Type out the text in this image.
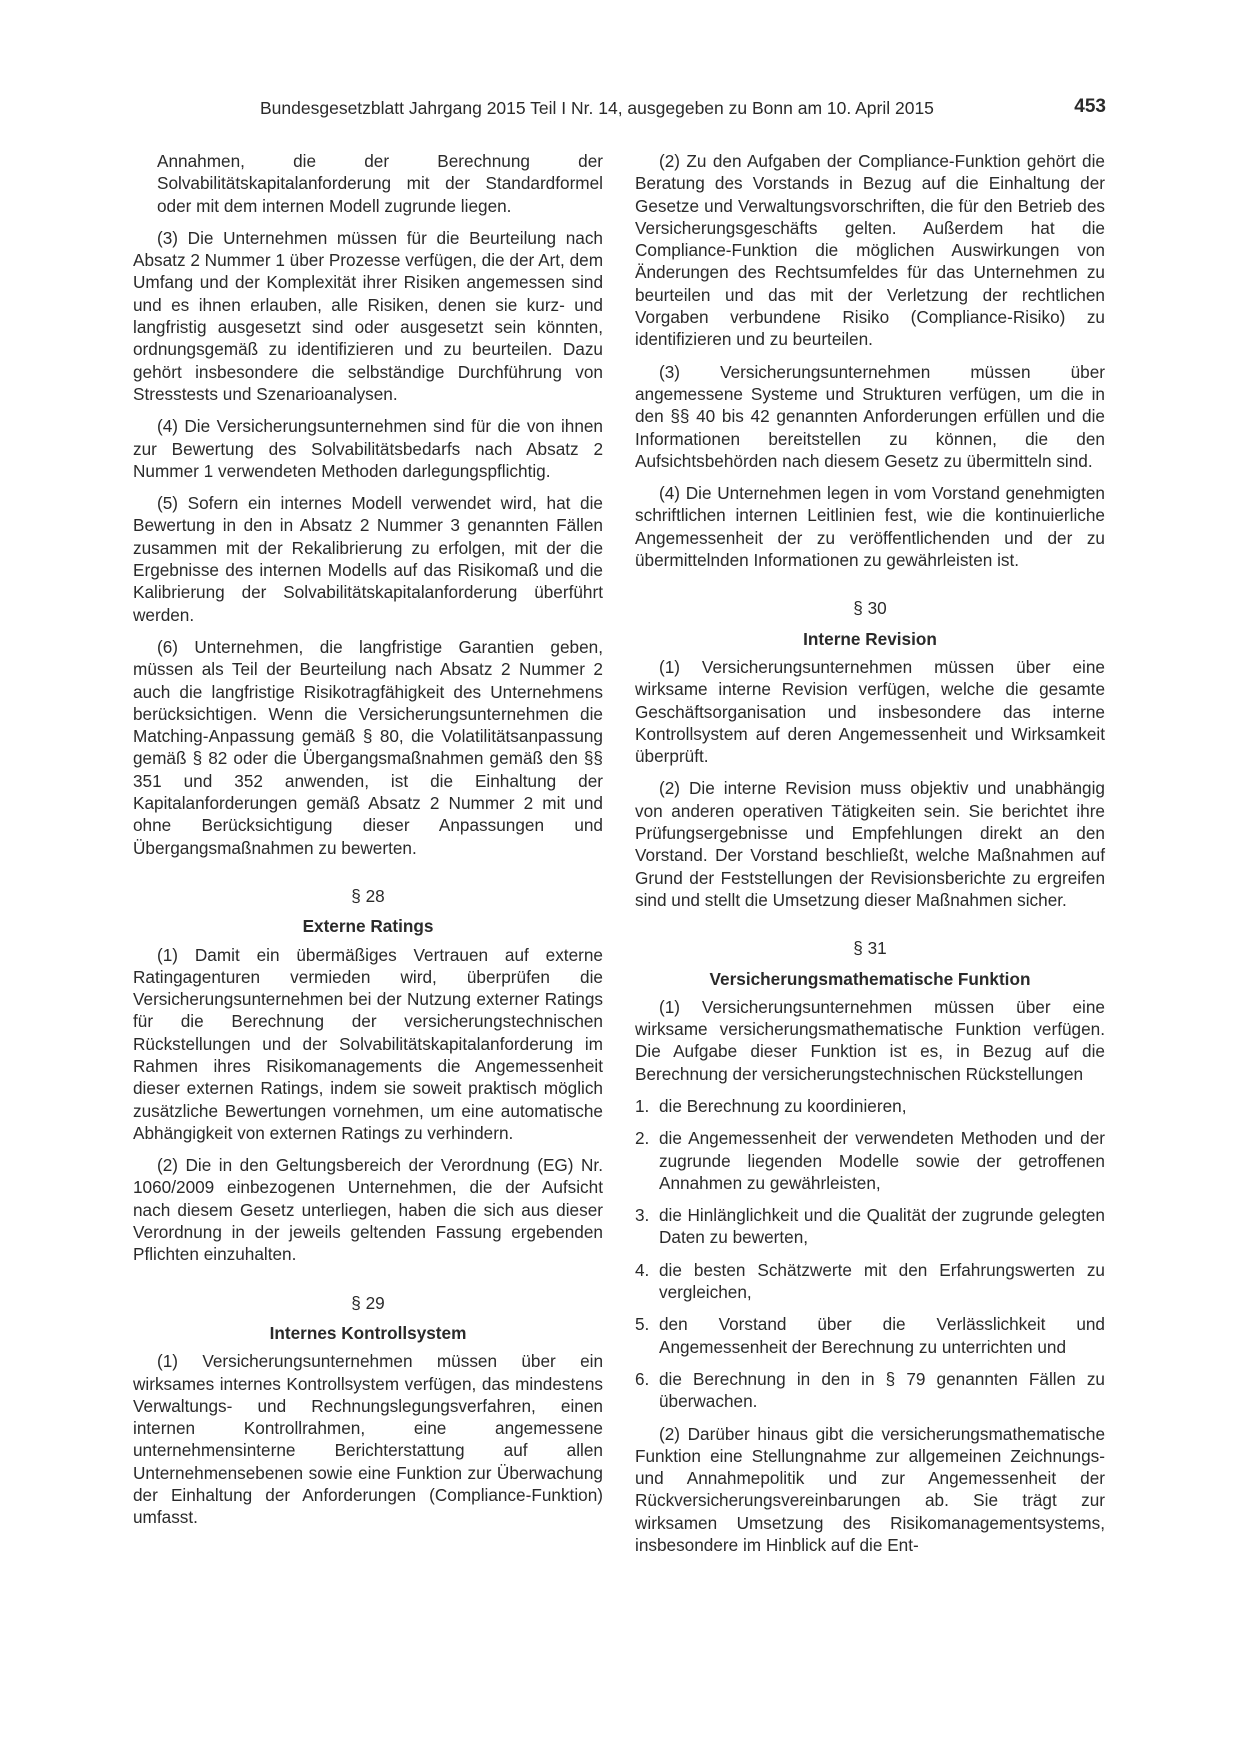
Bundesgesetzblatt Jahrgang 2015 Teil I Nr. 14, ausgegeben zu Bonn am 10. April 2015	453

Annahmen, die der Berechnung der Solvabilitätskapitalanforderung mit der Standardformel oder mit dem internen Modell zugrunde liegen.

(3) Die Unternehmen müssen für die Beurteilung nach Absatz 2 Nummer 1 über Prozesse verfügen, die der Art, dem Umfang und der Komplexität ihrer Risiken angemessen sind und es ihnen erlauben, alle Risiken, denen sie kurz- und langfristig ausgesetzt sind oder ausgesetzt sein könnten, ordnungsgemäß zu identifizieren und zu beurteilen. Dazu gehört insbesondere die selbständige Durchführung von Stresstests und Szenarioanalysen.

(4) Die Versicherungsunternehmen sind für die von ihnen zur Bewertung des Solvabilitätsbedarfs nach Absatz 2 Nummer 1 verwendeten Methoden darlegungspflichtig.

(5) Sofern ein internes Modell verwendet wird, hat die Bewertung in den in Absatz 2 Nummer 3 genannten Fällen zusammen mit der Rekalibrierung zu erfolgen, mit der die Ergebnisse des internen Modells auf das Risikomaß und die Kalibrierung der Solvabilitätskapitalanforderung überführt werden.

(6) Unternehmen, die langfristige Garantien geben, müssen als Teil der Beurteilung nach Absatz 2 Nummer 2 auch die langfristige Risikotragfähigkeit des Unternehmens berücksichtigen. Wenn die Versicherungsunternehmen die Matching-Anpassung gemäß § 80, die Volatilitätsanpassung gemäß § 82 oder die Übergangsmaßnahmen gemäß den §§ 351 und 352 anwenden, ist die Einhaltung der Kapitalanforderungen gemäß Absatz 2 Nummer 2 mit und ohne Berücksichtigung dieser Anpassungen und Übergangsmaßnahmen zu bewerten.

§ 28
Externe Ratings

(1) Damit ein übermäßiges Vertrauen auf externe Ratingagenturen vermieden wird, überprüfen die Versicherungsunternehmen bei der Nutzung externer Ratings für die Berechnung der versicherungstechnischen Rückstellungen und der Solvabilitätskapitalanforderung im Rahmen ihres Risikomanagements die Angemessenheit dieser externen Ratings, indem sie soweit praktisch möglich zusätzliche Bewertungen vornehmen, um eine automatische Abhängigkeit von externen Ratings zu verhindern.

(2) Die in den Geltungsbereich der Verordnung (EG) Nr. 1060/2009 einbezogenen Unternehmen, die der Aufsicht nach diesem Gesetz unterliegen, haben die sich aus dieser Verordnung in der jeweils geltenden Fassung ergebenden Pflichten einzuhalten.

§ 29
Internes Kontrollsystem

(1) Versicherungsunternehmen müssen über ein wirksames internes Kontrollsystem verfügen, das mindestens Verwaltungs- und Rechnungslegungsverfahren, einen internen Kontrollrahmen, eine angemessene unternehmensinterne Berichterstattung auf allen Unternehmensebenen sowie eine Funktion zur Überwachung der Einhaltung der Anforderungen (Compliance-Funktion) umfasst.

(2) Zu den Aufgaben der Compliance-Funktion gehört die Beratung des Vorstands in Bezug auf die Einhaltung der Gesetze und Verwaltungsvorschriften, die für den Betrieb des Versicherungsgeschäfts gelten. Außerdem hat die Compliance-Funktion die möglichen Auswirkungen von Änderungen des Rechtsumfeldes für das Unternehmen zu beurteilen und das mit der Verletzung der rechtlichen Vorgaben verbundene Risiko (Compliance-Risiko) zu identifizieren und zu beurteilen.

(3) Versicherungsunternehmen müssen über angemessene Systeme und Strukturen verfügen, um die in den §§ 40 bis 42 genannten Anforderungen erfüllen und die Informationen bereitstellen zu können, die den Aufsichtsbehörden nach diesem Gesetz zu übermitteln sind.

(4) Die Unternehmen legen in vom Vorstand genehmigten schriftlichen internen Leitlinien fest, wie die kontinuierliche Angemessenheit der zu veröffentlichenden und der zu übermittelnden Informationen zu gewährleisten ist.

§ 30
Interne Revision

(1) Versicherungsunternehmen müssen über eine wirksame interne Revision verfügen, welche die gesamte Geschäftsorganisation und insbesondere das interne Kontrollsystem auf deren Angemessenheit und Wirksamkeit überprüft.

(2) Die interne Revision muss objektiv und unabhängig von anderen operativen Tätigkeiten sein. Sie berichtet ihre Prüfungsergebnisse und Empfehlungen direkt an den Vorstand. Der Vorstand beschließt, welche Maßnahmen auf Grund der Feststellungen der Revisionsberichte zu ergreifen sind und stellt die Umsetzung dieser Maßnahmen sicher.

§ 31
Versicherungsmathematische Funktion

(1) Versicherungsunternehmen müssen über eine wirksame versicherungsmathematische Funktion verfügen. Die Aufgabe dieser Funktion ist es, in Bezug auf die Berechnung der versicherungstechnischen Rückstellungen

1. die Berechnung zu koordinieren,
2. die Angemessenheit der verwendeten Methoden und der zugrunde liegenden Modelle sowie der getroffenen Annahmen zu gewährleisten,
3. die Hinlänglichkeit und die Qualität der zugrunde gelegten Daten zu bewerten,
4. die besten Schätzwerte mit den Erfahrungswerten zu vergleichen,
5. den Vorstand über die Verlässlichkeit und Angemessenheit der Berechnung zu unterrichten und
6. die Berechnung in den in § 79 genannten Fällen zu überwachen.

(2) Darüber hinaus gibt die versicherungsmathematische Funktion eine Stellungnahme zur allgemeinen Zeichnungs- und Annahmepolitik und zur Angemessenheit der Rückversicherungsvereinbarungen ab. Sie trägt zur wirksamen Umsetzung des Risikomanagementsystems, insbesondere im Hinblick auf die Ent-
